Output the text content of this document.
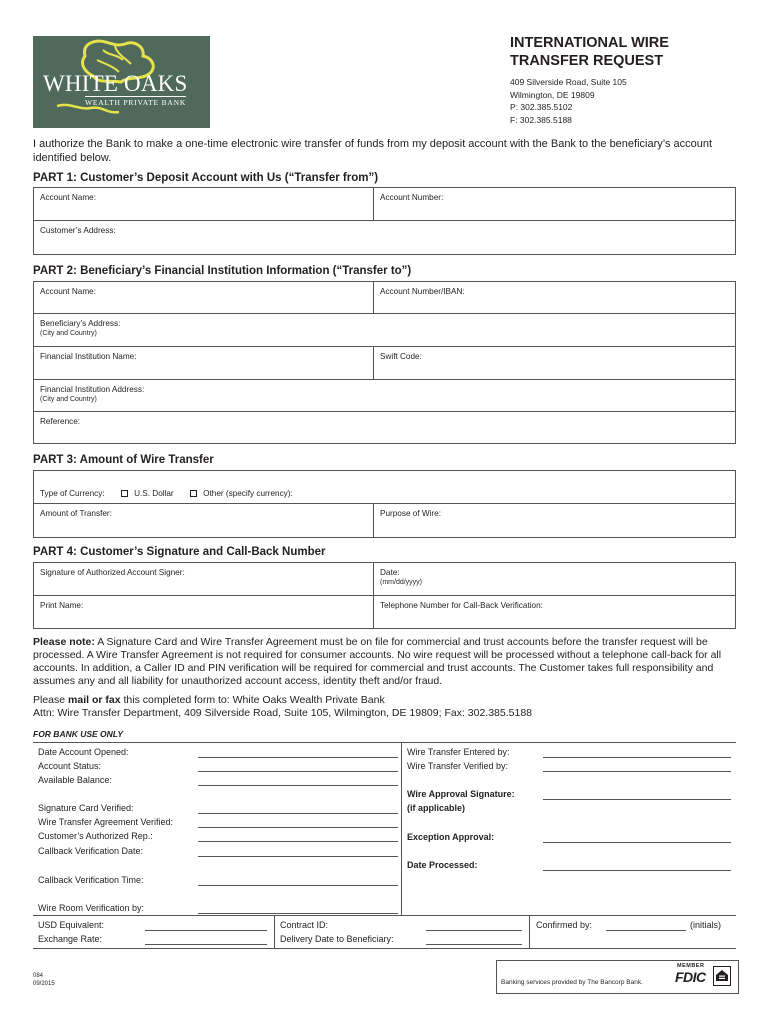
WHITE OAKS
WEALTH PRIVATE BANK
INTERNATIONAL WIRE
TRANSFER REQUEST
409 Silverside Road, Suite 105
Wilmington, DE 19809
P: 302.385.5102
F: 302.385.5188
I authorize the Bank to make a one-time electronic wire transfer of funds from my deposit account with the Bank to the beneficiary’s account identified below.
PART 1: Customer’s Deposit Account with Us (“Transfer from”)
Account Name:	Account Number:
Customer’s Address:
PART 2: Beneficiary’s Financial Institution Information (“Transfer to”)
Account Name:	Account Number/IBAN:
Beneficiary’s Address:
(City and Country)
Financial Institution Name:	Swift Code:
Financial Institution Address:
(City and Country)
Reference:
PART 3: Amount of Wire Transfer
Type of Currency:	U.S. Dollar	Other (specify currency):
Amount of Transfer:	Purpose of Wire:
PART 4: Customer’s Signature and Call-Back Number
Signature of Authorized Account Signer:	Date:
(mm/dd/yyyy)
Print Name:	Telephone Number for Call-Back Verification:
Please note: A Signature Card and Wire Transfer Agreement must be on file for commercial and trust accounts before the transfer request will be processed. A Wire Transfer Agreement is not required for consumer accounts. No wire request will be processed without a telephone call-back for all accounts. In addition, a Caller ID and PIN verification will be required for commercial and trust accounts. The Customer takes full responsibility and assumes any and all liability for unauthorized account access, identity theft and/or fraud.
Please mail or fax this completed form to: White Oaks Wealth Private Bank
Attn: Wire Transfer Department, 409 Silverside Road, Suite 105, Wilmington, DE 19809; Fax: 302.385.5188
FOR BANK USE ONLY
Date Account Opened:
Account Status:
Available Balance:
Signature Card Verified:
Wire Transfer Agreement Verified:
Customer’s Authorized Rep.:
Callback Verification Date:
Callback Verification Time:
Wire Room Verification by:
Wire Transfer Entered by:
Wire Transfer Verified by:
Wire Approval Signature:
(if applicable)
Exception Approval:
Date Processed:
USD Equivalent:
Exchange Rate:
Contract ID:
Delivery Date to Beneficiary:
Confirmed by:	(initials)
084
09/2015	Banking services provided by The Bancorp Bank.
MEMBER
FDIC
